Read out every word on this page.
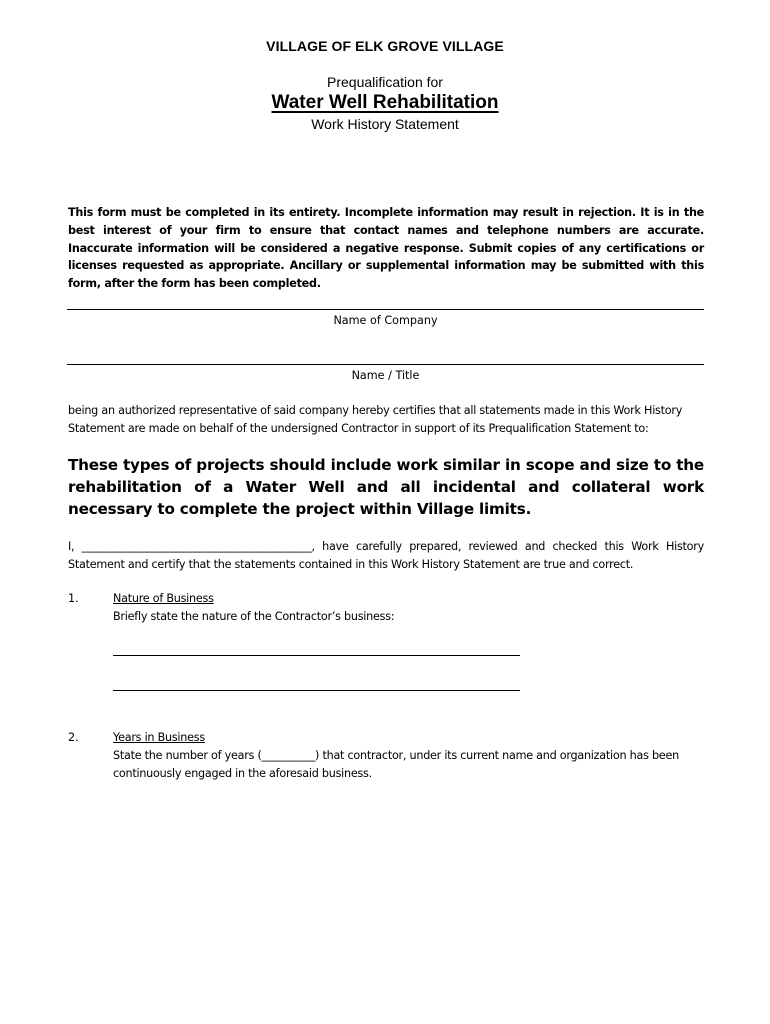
VILLAGE OF ELK GROVE VILLAGE
Prequalification for
Water Well Rehabilitation
Work History Statement
This form must be completed in its entirety. Incomplete information may result in rejection. It is in the best interest of your firm to ensure that contact names and telephone numbers are accurate. Inaccurate information will be considered a negative response. Submit copies of any certifications or licenses requested as appropriate. Ancillary or supplemental information may be submitted with this form, after the form has been completed.
Name of Company
Name / Title
being an authorized representative of said company hereby certifies that all statements made in this Work History Statement are made on behalf of the undersigned Contractor in support of its Prequalification Statement to:
These types of projects should include work similar in scope and size to the rehabilitation of a Water Well and all incidental and collateral work necessary to complete the project within Village limits.
I, ___________________________________________, have carefully prepared, reviewed and checked this Work History Statement and certify that the statements contained in this Work History Statement are true and correct.
1.	Nature of Business
Briefly state the nature of the Contractor’s business:
2.	Years in Business
State the number of years (__________) that contractor, under its current name and organization has been continuously engaged in the aforesaid business.
